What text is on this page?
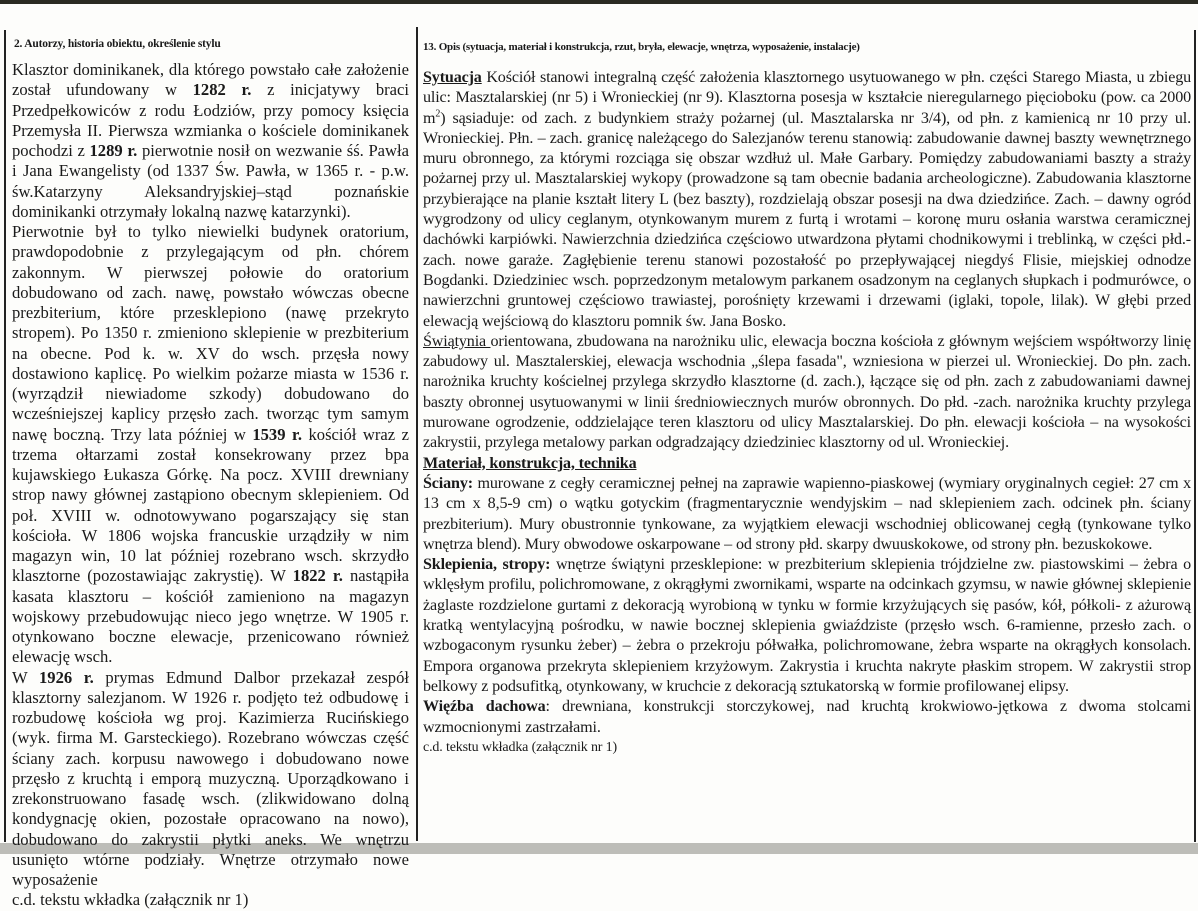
2. Autorzy, historia obiektu, określenie stylu

Klasztor dominikanek, dla którego powstało całe założenie został ufundowany w 1282 r. z inicjatywy braci Przedpełkowiców z rodu Łodziów, przy pomocy księcia Przemysła II. Pierwsza wzmianka o kościele dominikanek pochodzi z 1289 r. pierwotnie nosił on wezwanie śś. Pawła i Jana Ewangelisty (od 1337 Św. Pawła, w 1365 r. - p.w. św.Katarzyny Aleksandryjskiej–stąd poznańskie dominikanki otrzymały lokalną nazwę katarzynki).

Pierwotnie był to tylko niewielki budynek oratorium, prawdopodobnie z przylegającym od płn. chórem zakonnym. W pierwszej połowie do oratorium dobudowano od zach. nawę, powstało wówczas obecne prezbiterium, które przesklepiono (nawę przekryto stropem). Po 1350 r. zmieniono sklepienie w prezbiterium na obecne. Pod k. w. XV do wsch. przęsła nowy dostawiono kaplicę. Po wielkim pożarze miasta w 1536 r. (wyrządził niewiadome szkody) dobudowano do wcześniejszej kaplicy przęsło zach. tworząc tym samym nawę boczną. Trzy lata później w 1539 r. kościół wraz z trzema ołtarzami został konsekrowany przez bpa kujawskiego Łukasza Górkę. Na pocz. XVIII drewniany strop nawy głównej zastąpiono obecnym sklepieniem. Od poł. XVIII w. odnotowywano pogarszający się stan kościoła. W 1806 wojska francuskie urządziły w nim magazyn win, 10 lat później rozebrano wsch. skrzydło klasztorne (pozostawiając zakrystię). W 1822 r. nastąpiła kasata klasztoru – kościół zamieniono na magazyn wojskowy przebudowując nieco jego wnętrze. W 1905 r. otynkowano boczne elewacje, przenicowano również elewację wsch.

W 1926 r. prymas Edmund Dalbor przekazał zespół klasztorny salezjanom. W 1926 r. podjęto też odbudowę i rozbudowę kościoła wg proj. Kazimierza Rucińskiego (wyk. firma M. Garsteckiego). Rozebrano wówczas część ściany zach. korpusu nawowego i dobudowano nowe przęsło z kruchtą i emporą muzyczną. Uporządkowano i zrekonstruowano fasadę wsch. (zlikwidowano dolną kondygnację okien, pozostałe opracowano na nowo), dobudowano do zakrystii płytki aneks. We wnętrzu usunięto wtórne podziały. Wnętrze otrzymało nowe wyposażenie

c.d. tekstu wkładka (załącznik nr 1)

13. Opis (sytuacja, materiał i konstrukcja, rzut, bryła, elewacje, wnętrza, wyposażenie, instalacje)

Sytuacja Kościół stanowi integralną część założenia klasztornego usytuowanego w płn. części Starego Miasta, u zbiegu ulic: Masztalarskiej (nr 5) i Wronieckiej (nr 9). Klasztorna posesja w kształcie nieregularnego pięcioboku (pow. ca 2000 $m^2$) sąsiaduje: od zach. z budynkiem straży pożarnej (ul. Masztalarska nr 3/4), od płn. z kamienicą nr 10 przy ul. Wronieckiej. Płn. – zach. granicę należącego do Salezjanów terenu stanowią: zabudowanie dawnej baszty wewnętrznego muru obronnego, za którymi rozciąga się obszar wzdłuż ul. Małe Garbary. Pomiędzy zabudowaniami baszty a straży pożarnej przy ul. Masztalarskiej wykopy (prowadzone są tam obecnie badania archeologiczne). Zabudowania klasztorne przybierające na planie kształt litery L (bez baszty), rozdzielają obszar posesji na dwa dziedzińce. Zach. – dawny ogród wygrodzony od ulicy ceglanym, otynkowanym murem z furtą i wrotami – koronę muru osłania warstwa ceramicznej dachówki karpiówki. Nawierzchnia dziedzińca częściowo utwardzona płytami chodnikowymi i treblinką, w części płd.-zach. nowe garaże. Zagłębienie terenu stanowi pozostałość po przepływającej niegdyś Flisie, miejskiej odnodze Bogdanki. Dziedziniec wsch. poprzedzonym metalowym parkanem osadzonym na ceglanych słupkach i podmurówce, o nawierzchni gruntowej częściowo trawiastej, porośnięty krzewami i drzewami (iglaki, topole, lilak). W głębi przed elewacją wejściową do klasztoru pomnik św. Jana Bosko.

Świątynia orientowana, zbudowana na narożniku ulic, elewacja boczna kościoła z głównym wejściem współtworzy linię zabudowy ul. Masztalerskiej, elewacja wschodnia „ślepa fasada", wzniesiona w pierzei ul. Wronieckiej. Do płn. zach. narożnika kruchty kościelnej przylega skrzydło klasztorne (d. zach.), łączące się od płn. zach z zabudowaniami dawnej baszty obronnej usytuowanymi w linii średniowiecznych murów obronnych. Do płd. -zach. narożnika kruchty przylega murowane ogrodzenie, oddzielające teren klasztoru od ulicy Masztalarskiej. Do płn. elewacji kościoła – na wysokości zakrystii, przylega metalowy parkan odgradzający dziedziniec klasztorny od ul. Wronieckiej.

Materiał, konstrukcja, technika

Ściany: murowane z cegły ceramicznej pełnej na zaprawie wapienno-piaskowej (wymiary oryginalnych cegieł: 27 cm x 13 cm x 8,5-9 cm) o wątku gotyckim (fragmentarycznie wendyjskim – nad sklepieniem zach. odcinek płn. ściany prezbiterium). Mury obustronnie tynkowane, za wyjątkiem elewacji wschodniej oblicowanej cegłą (tynkowane tylko wnętrza blend). Mury obwodowe oskarpowane – od strony płd. skarpy dwuuskokowe, od strony płn. bezuskokowe.

Sklepienia, stropy: wnętrze świątyni przesklepione: w prezbiterium sklepienia trójdzielne zw. piastowskimi – żebra o wklęsłym profilu, polichromowane, z okrągłymi zwornikami, wsparte na odcinkach gzymsu, w nawie głównej sklepienie żaglaste rozdzielone gurtami z dekoracją wyrobioną w tynku w formie krzyżujących się pasów, kół, półkoli- z ażurową kratką wentylacyjną pośrodku, w nawie bocznej sklepienia gwiaździste (przęsło wsch. 6-ramienne, przesło zach. o wzbogaconym rysunku żeber) – żebra o przekroju półwałka, polichromowane, żebra wsparte na okrągłych konsolach. Empora organowa przekryta sklepieniem krzyżowym. Zakrystia i kruchta nakryte płaskim stropem. W zakrystii strop belkowy z podsufitką, otynkowany, w kruchcie z dekoracją sztukatorską w formie profilowanej elipsy.

Więźba dachowa: drewniana, konstrukcji storczykowej, nad kruchtą krokwiowo-jętkowa z dwoma stolcami wzmocnionymi zastrzałami.

c.d. tekstu wkładka (załącznik nr 1)
